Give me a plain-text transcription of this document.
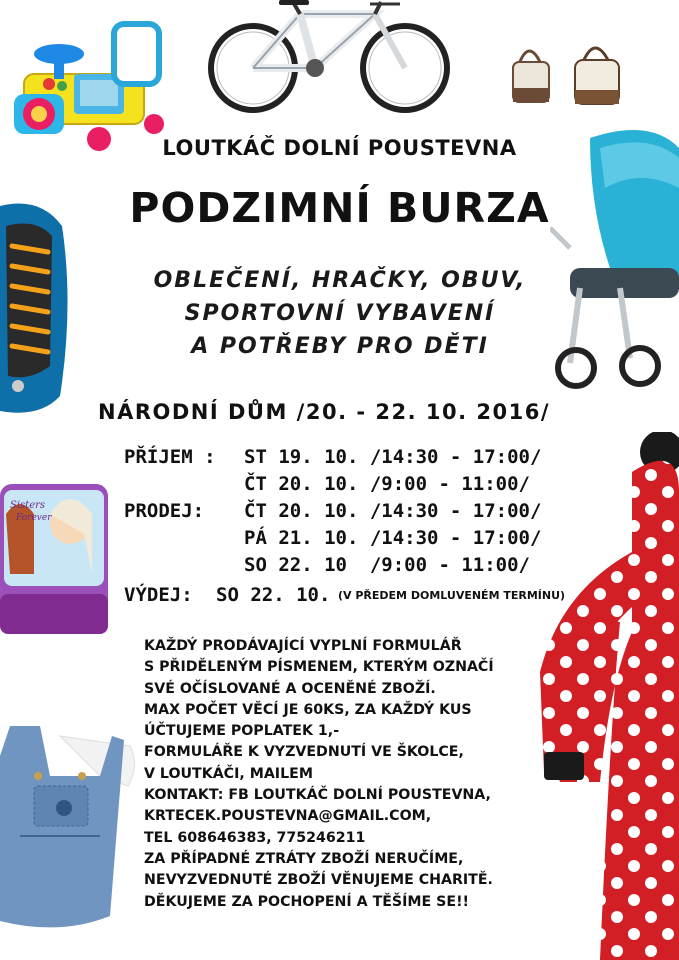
Sisters
Forever
LOUTKÁČ DOLNÍ POUSTEVNA
PODZIMNÍ BURZA
OBLEČENÍ, HRAČKY, OBUV,
SPORTOVNÍ VYBAVENÍ
A POTŘEBY PRO DĚTI
NÁRODNÍ DŮM /20. - 22. 10. 2016/
PŘÍJEM : ST 19. 10. /14:30 - 17:00/
ČT 20. 10. /9:00 - 11:00/
PRODEJ: ČT 20. 10. /14:30 - 17:00/
PÁ 21. 10. /14:30 - 17:00/
SO 22. 10  /9:00 - 11:00/
VÝDEJ: SO 22. 10. (V PŘEDEM DOMLUVENÉM TERMÍNU)
KAŽDÝ PRODÁVAJÍCÍ VYPLNÍ FORMULÁŘ
S PŘIDĚLENÝM PÍSMENEM, KTERÝM OZNAČÍ
SVÉ OČÍSLOVANÉ A OCENĚNÉ ZBOŽÍ.
MAX POČET VĚCÍ JE 60KS, ZA KAŽDÝ KUS
ÚČTUJEME POPLATEK 1,-
FORMULÁŘE K VYZVEDNUTÍ VE ŠKOLCE,
V LOUTKÁČI, MAILEM
KONTAKT: FB LOUTKÁČ DOLNÍ POUSTEVNA,
KRTECEK.POUSTEVNA@GMAIL.COM,
TEL 608646383, 775246211
ZA PŘÍPADNÉ ZTRÁTY ZBOŽÍ NERUČÍME,
NEVYZVEDNUTÉ ZBOŽÍ VĚNUJEME CHARITĚ.
DĚKUJEME ZA POCHOPENÍ A TĚŠÍME SE!!
